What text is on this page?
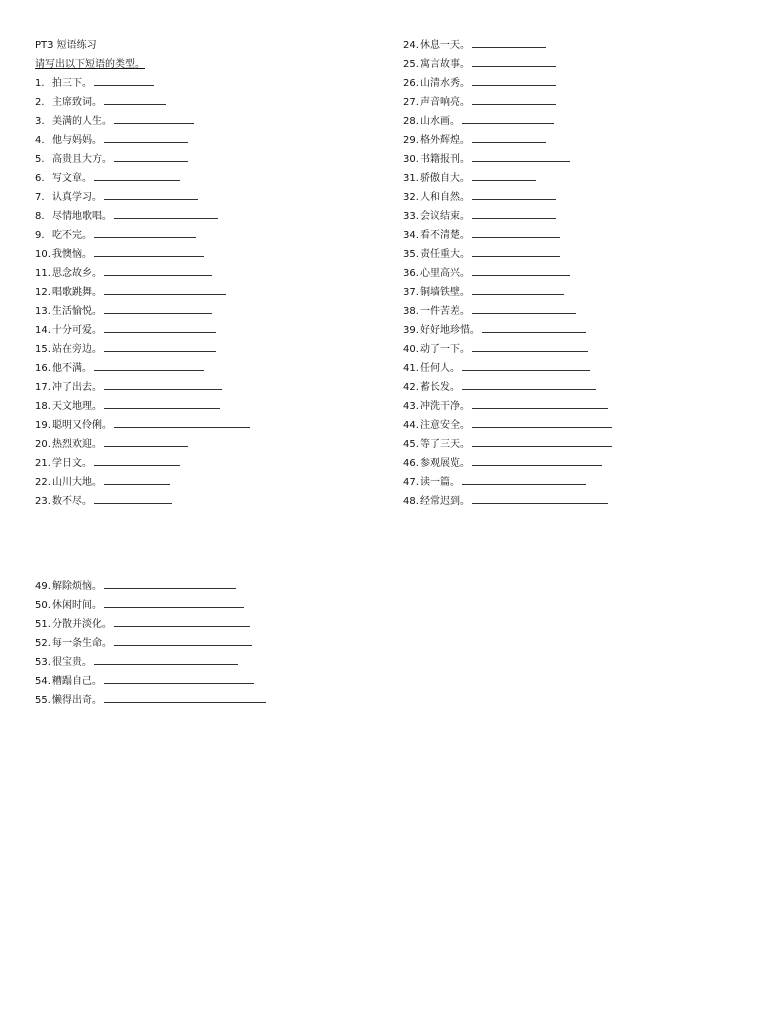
PT3 短语练习
请写出以下短语的类型。
1. 拍三下。
2. 主席致词。
3. 美满的人生。
4. 他与妈妈。
5. 高贵且大方。
6. 写文章。
7. 认真学习。
8. 尽情地歌唱。
9. 吃不完。
10.我懊恼。
11.思念故乡。
12.唱歌跳舞。
13.生活愉悦。
14.十分可爱。
15.站在旁边。
16.他不满。
17.冲了出去。
18.天文地理。
19.聪明又伶俐。
20.热烈欢迎。
21.学日文。
22.山川大地。
23.数不尽。
24.休息一天。
25.寓言故事。
26.山清水秀。
27.声音响亮。
28.山水画。
29.格外辉煌。
30.书籍报刊。
31.骄傲自大。
32.人和自然。
33.会议结束。
34.看不清楚。
35.责任重大。
36.心里高兴。
37.铜墙铁壁。
38.一件苦差。
39.好好地珍惜。
40.动了一下。
41.任何人。
42.蓄长发。
43.冲洗干净。
44.注意安全。
45.等了三天。
46.参观展览。
47.读一篇。
48.经常迟到。
49.解除烦恼。
50.休闲时间。
51.分散并淡化。
52.每一条生命。
53.很宝贵。
54.糟蹋自己。
55.懒得出奇。
